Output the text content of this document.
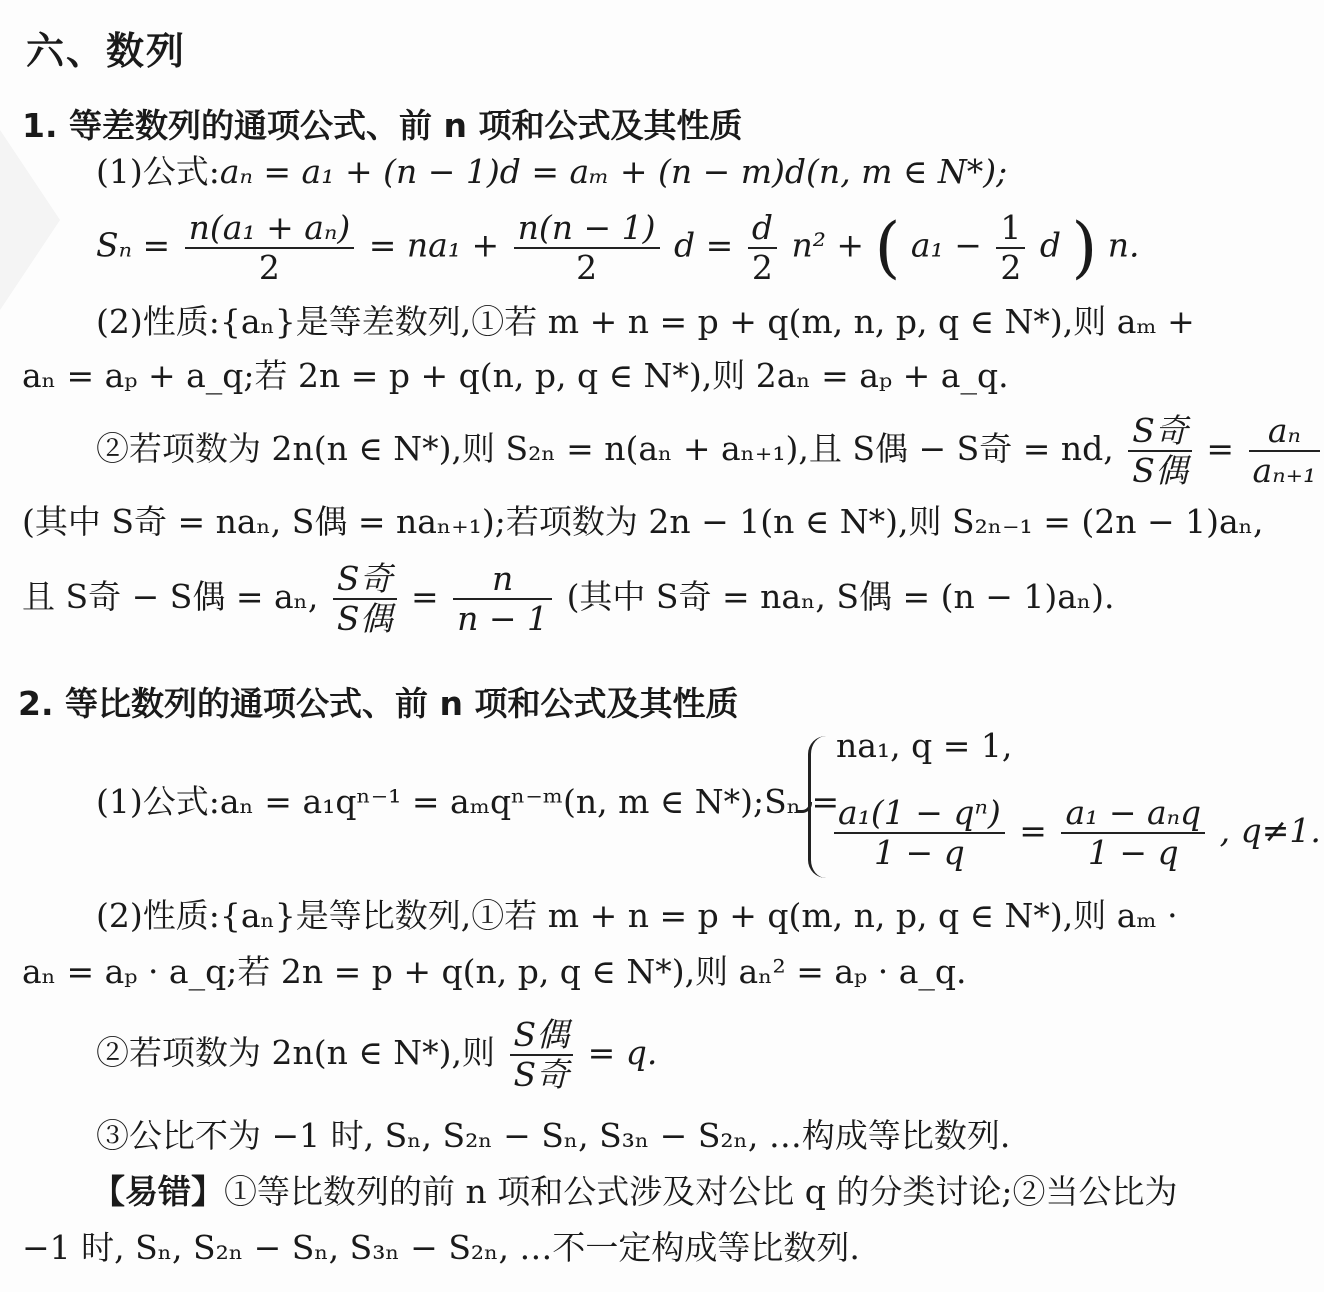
六、数列
1. 等差数列的通项公式、前 n 项和公式及其性质
(1)公式:aₙ = a₁ + (n − 1)d = aₘ + (n − m)d(n, m ∈ N*);
$S_n = \frac{\text{n(a₁ + aₙ)}}{2} = na_1 + \frac{n(n - 1)}{2}$ $d = \frac{d}{2} n^2$ + ( $a_1 - \frac{1}{2}$ d ) n.
(2)性质:{aₙ}是等差数列,①若 m + n = p + q(m, n, p, q ∈ N*),则 aₘ +
aₙ = aₚ + a_q;若 2n = p + q(n, p, q ∈ N*),则 2aₙ = aₚ + a_q.
②若项数为 2n(n ∈ N*),则 S₂ₙ = n(aₙ + aₙ₊₁),且 S偶 − S奇 = nd, $\frac{\text{S奇}}{\text{S偶}} = \frac{\text{aₙ}}{\text{aₙ₊₁}}$
(其中 S奇 = naₙ, S偶 = naₙ₊₁);若项数为 2n − 1(n ∈ N*),则 S₂ₙ₋₁ = (2n − 1)aₙ,
且 S奇 − S偶 = aₙ, $\frac{\text{S奇}}{\text{S偶}} = \frac{n}{n - 1}$ (其中 S奇 = naₙ, S偶 = (n − 1)aₙ).
2. 等比数列的通项公式、前 n 项和公式及其性质
na₁, q = 1,
(1)公式:aₙ = a₁qⁿ⁻¹ = aₘqⁿ⁻ᵐ(n, m ∈ N*);Sₙ =
$\frac{\text{a₁(1 − qⁿ)}}{1 - q} = \frac{\text{a₁ − aₙq}}{1 - q}$ , q≠1.
(2)性质:{aₙ}是等比数列,①若 m + n = p + q(m, n, p, q ∈ N*),则 aₘ ·
aₙ = aₚ · a_q;若 2n = p + q(n, p, q ∈ N*),则 aₙ² = aₚ · a_q.
②若项数为 2n(n ∈ N*),则 $\frac{\text{S偶}}{\text{S奇}} = q$.
③公比不为 −1 时, Sₙ, S₂ₙ − Sₙ, S₃ₙ − S₂ₙ, …构成等比数列.
【易错】①等比数列的前 n 项和公式涉及对公比 q 的分类讨论;②当公比为
−1 时, Sₙ, S₂ₙ − Sₙ, S₃ₙ − S₂ₙ, …不一定构成等比数列.
